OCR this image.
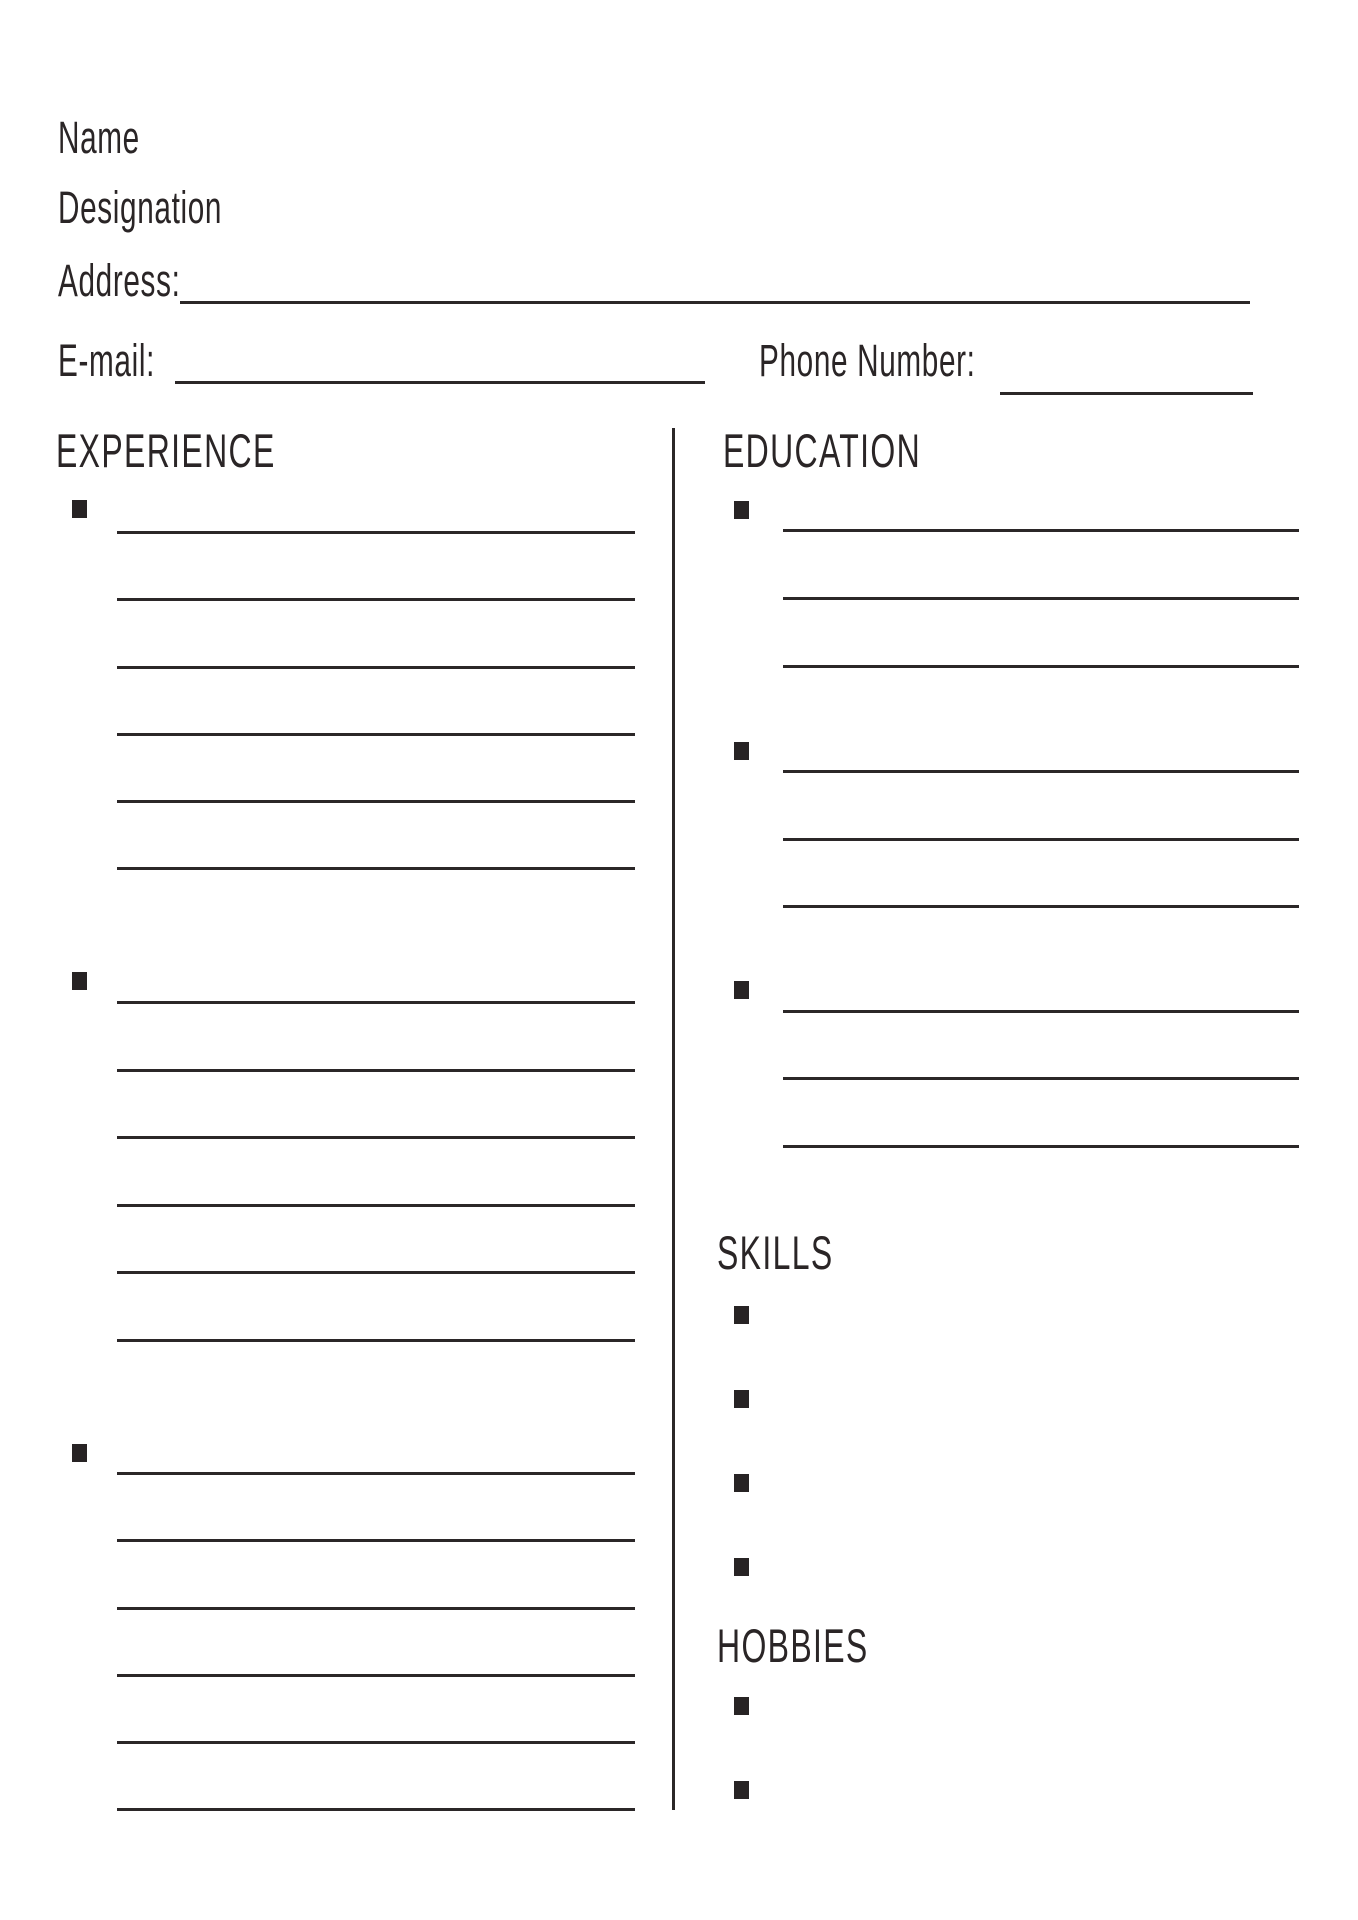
Name
Designation
Address:
E-mail:	Phone Number:
EXPERIENCE	EDUCATION
SKILLS
HOBBIES
